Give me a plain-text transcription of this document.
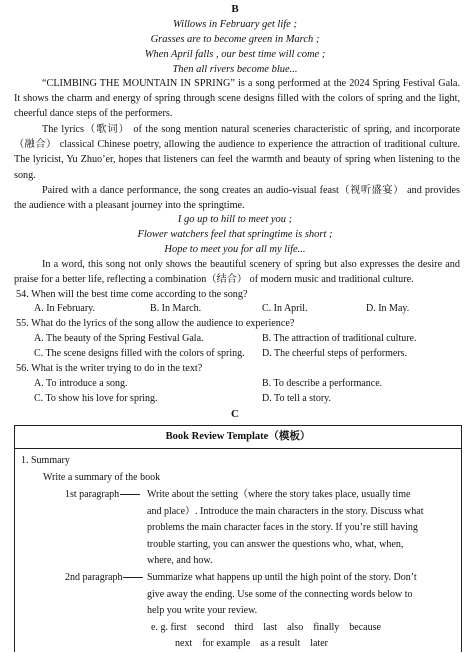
B
Willows in February get life ;
Grasses are to become green in March ;
When April falls , our best time will come ;
Then all rivers become blue...
“CLIMBING THE MOUNTAIN IN SPRING” is a song performed at the 2024 Spring Festival Gala. It shows the charm and energy of spring through scene designs filled with the colors of spring and the light, cheerful dance steps of the performers.
The lyrics（歌词） of the song mention natural sceneries characteristic of spring, and incorporate（融合） classical Chinese poetry, allowing the audience to experience the attraction of traditional culture. The lyricist, Yu Zhuo’er, hopes that listeners can feel the warmth and beauty of spring when listening to the song.
Paired with a dance performance, the song creates an audio-visual feast（视听盛宴） and provides the audience with a pleasant journey into the springtime.
I go up to hill to meet you ;
Flower watchers feel that springtime is short ;
Hope to meet you for all my life...
In a word, this song not only shows the beautiful scenery of spring but also expresses the desire and praise for a better life, reflecting a combination（结合） of modern music and traditional culture.
54. When will the best time come according to the song?
A. In February.	B. In March.	C. In April.	D. In May.
55. What do the lyrics of the song allow the audience to experience?
A. The beauty of the Spring Festival Gala.	B. The attraction of traditional culture.
C. The scene designs filled with the colors of spring. D. The cheerful steps of performers.
56. What is the writer trying to do in the text?
A. To introduce a song.	B. To describe a performance.
C. To show his love for spring.	D. To tell a story.
C
Book Review Template（模板）
1. Summary
Write a summary of the book
1st paragraph	Write about the setting（where the story takes place, usually time
and place）. Introduce the main characters in the story. Discuss what
problems the main character faces in the story. If you’re still having
trouble starting, you can answer the questions who, what, when,
where, and how.
2nd paragraph	Summarize what happens up until the high point of the story. Don’t
give away the ending. Use some of the connecting words below to
help you write your review.
e. g. first    second    third    last    also    finally    because
next    for example    as a result    later
